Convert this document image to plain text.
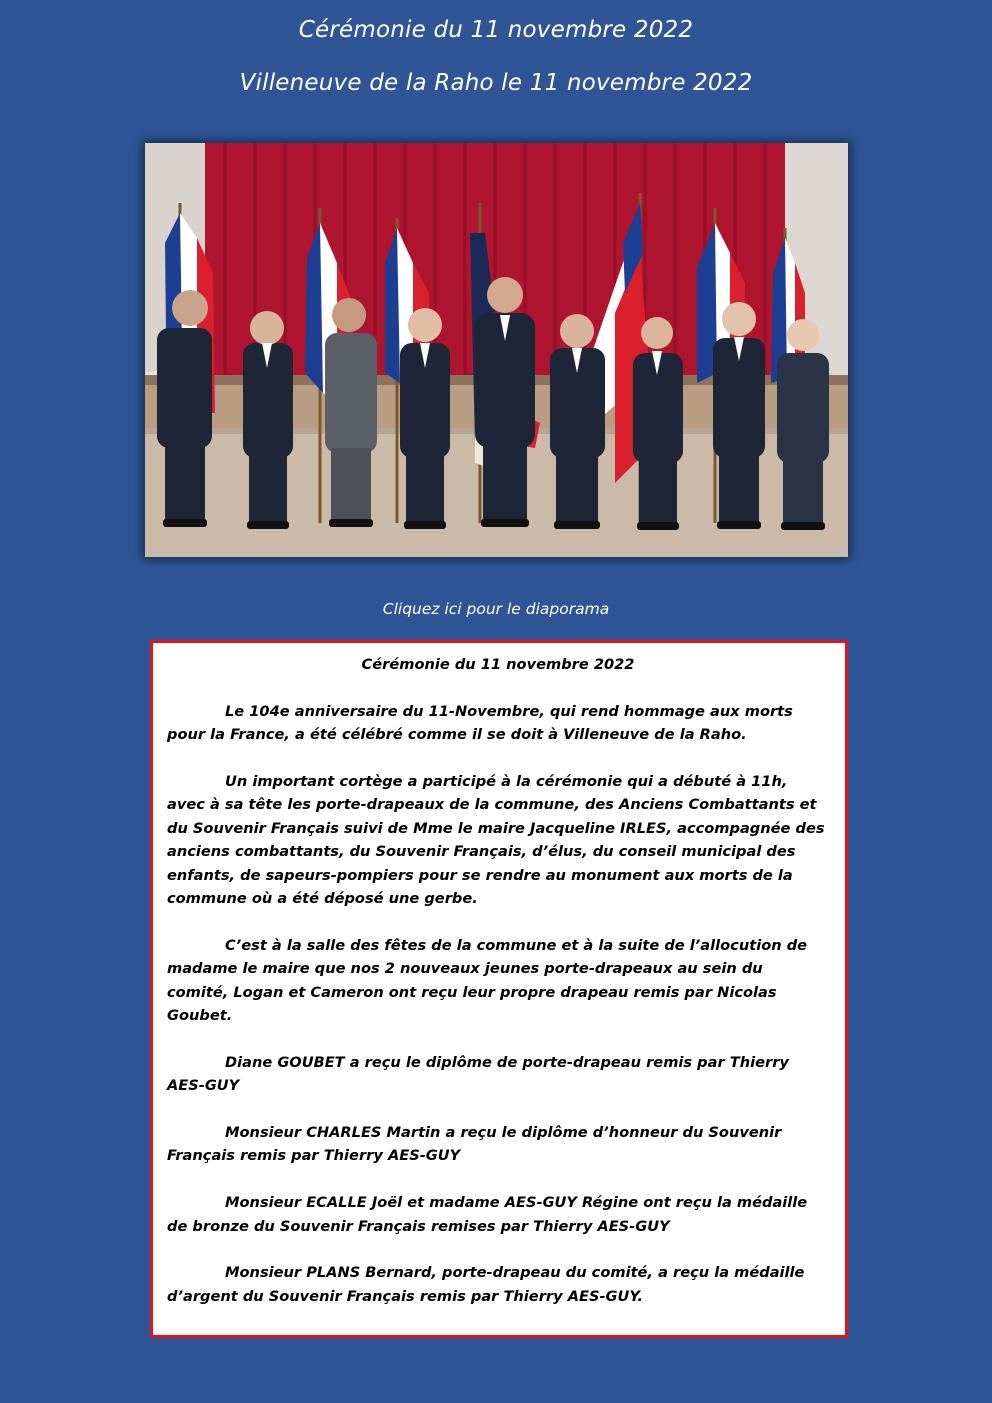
Cérémonie du 11 novembre 2022
Villeneuve de la Raho le 11 novembre 2022
Cliquez ici pour le diaporama
Cérémonie du 11 novembre 2022

Le 104e anniversaire du 11-Novembre, qui rend hommage aux morts pour la France, a été célébré comme il se doit à Villeneuve de la Raho.

Un important cortège a participé à la cérémonie qui a débuté à 11h, avec à sa tête les porte-drapeaux de la commune, des Anciens Combattants et du Souvenir Français suivi de Mme le maire Jacqueline IRLES, accompagnée des anciens combattants, du Souvenir Français, d’élus, du conseil municipal des enfants, de sapeurs-pompiers pour se rendre au monument aux morts de la commune où a été déposé une gerbe.

C’est à la salle des fêtes de la commune et à la suite de l’allocution de madame le maire que nos 2 nouveaux jeunes porte-drapeaux au sein du comité, Logan et Cameron ont reçu leur propre drapeau remis par Nicolas Goubet.

Diane GOUBET a reçu le diplôme de porte-drapeau remis par Thierry AES-GUY

Monsieur CHARLES Martin a reçu le diplôme d’honneur du Souvenir Français remis par Thierry AES-GUY

Monsieur ECALLE Joël et madame AES-GUY Régine ont reçu la médaille de bronze du Souvenir Français remises par Thierry AES-GUY

Monsieur PLANS Bernard, porte-drapeau du comité, a reçu la médaille d’argent du Souvenir Français remis par Thierry AES-GUY.
